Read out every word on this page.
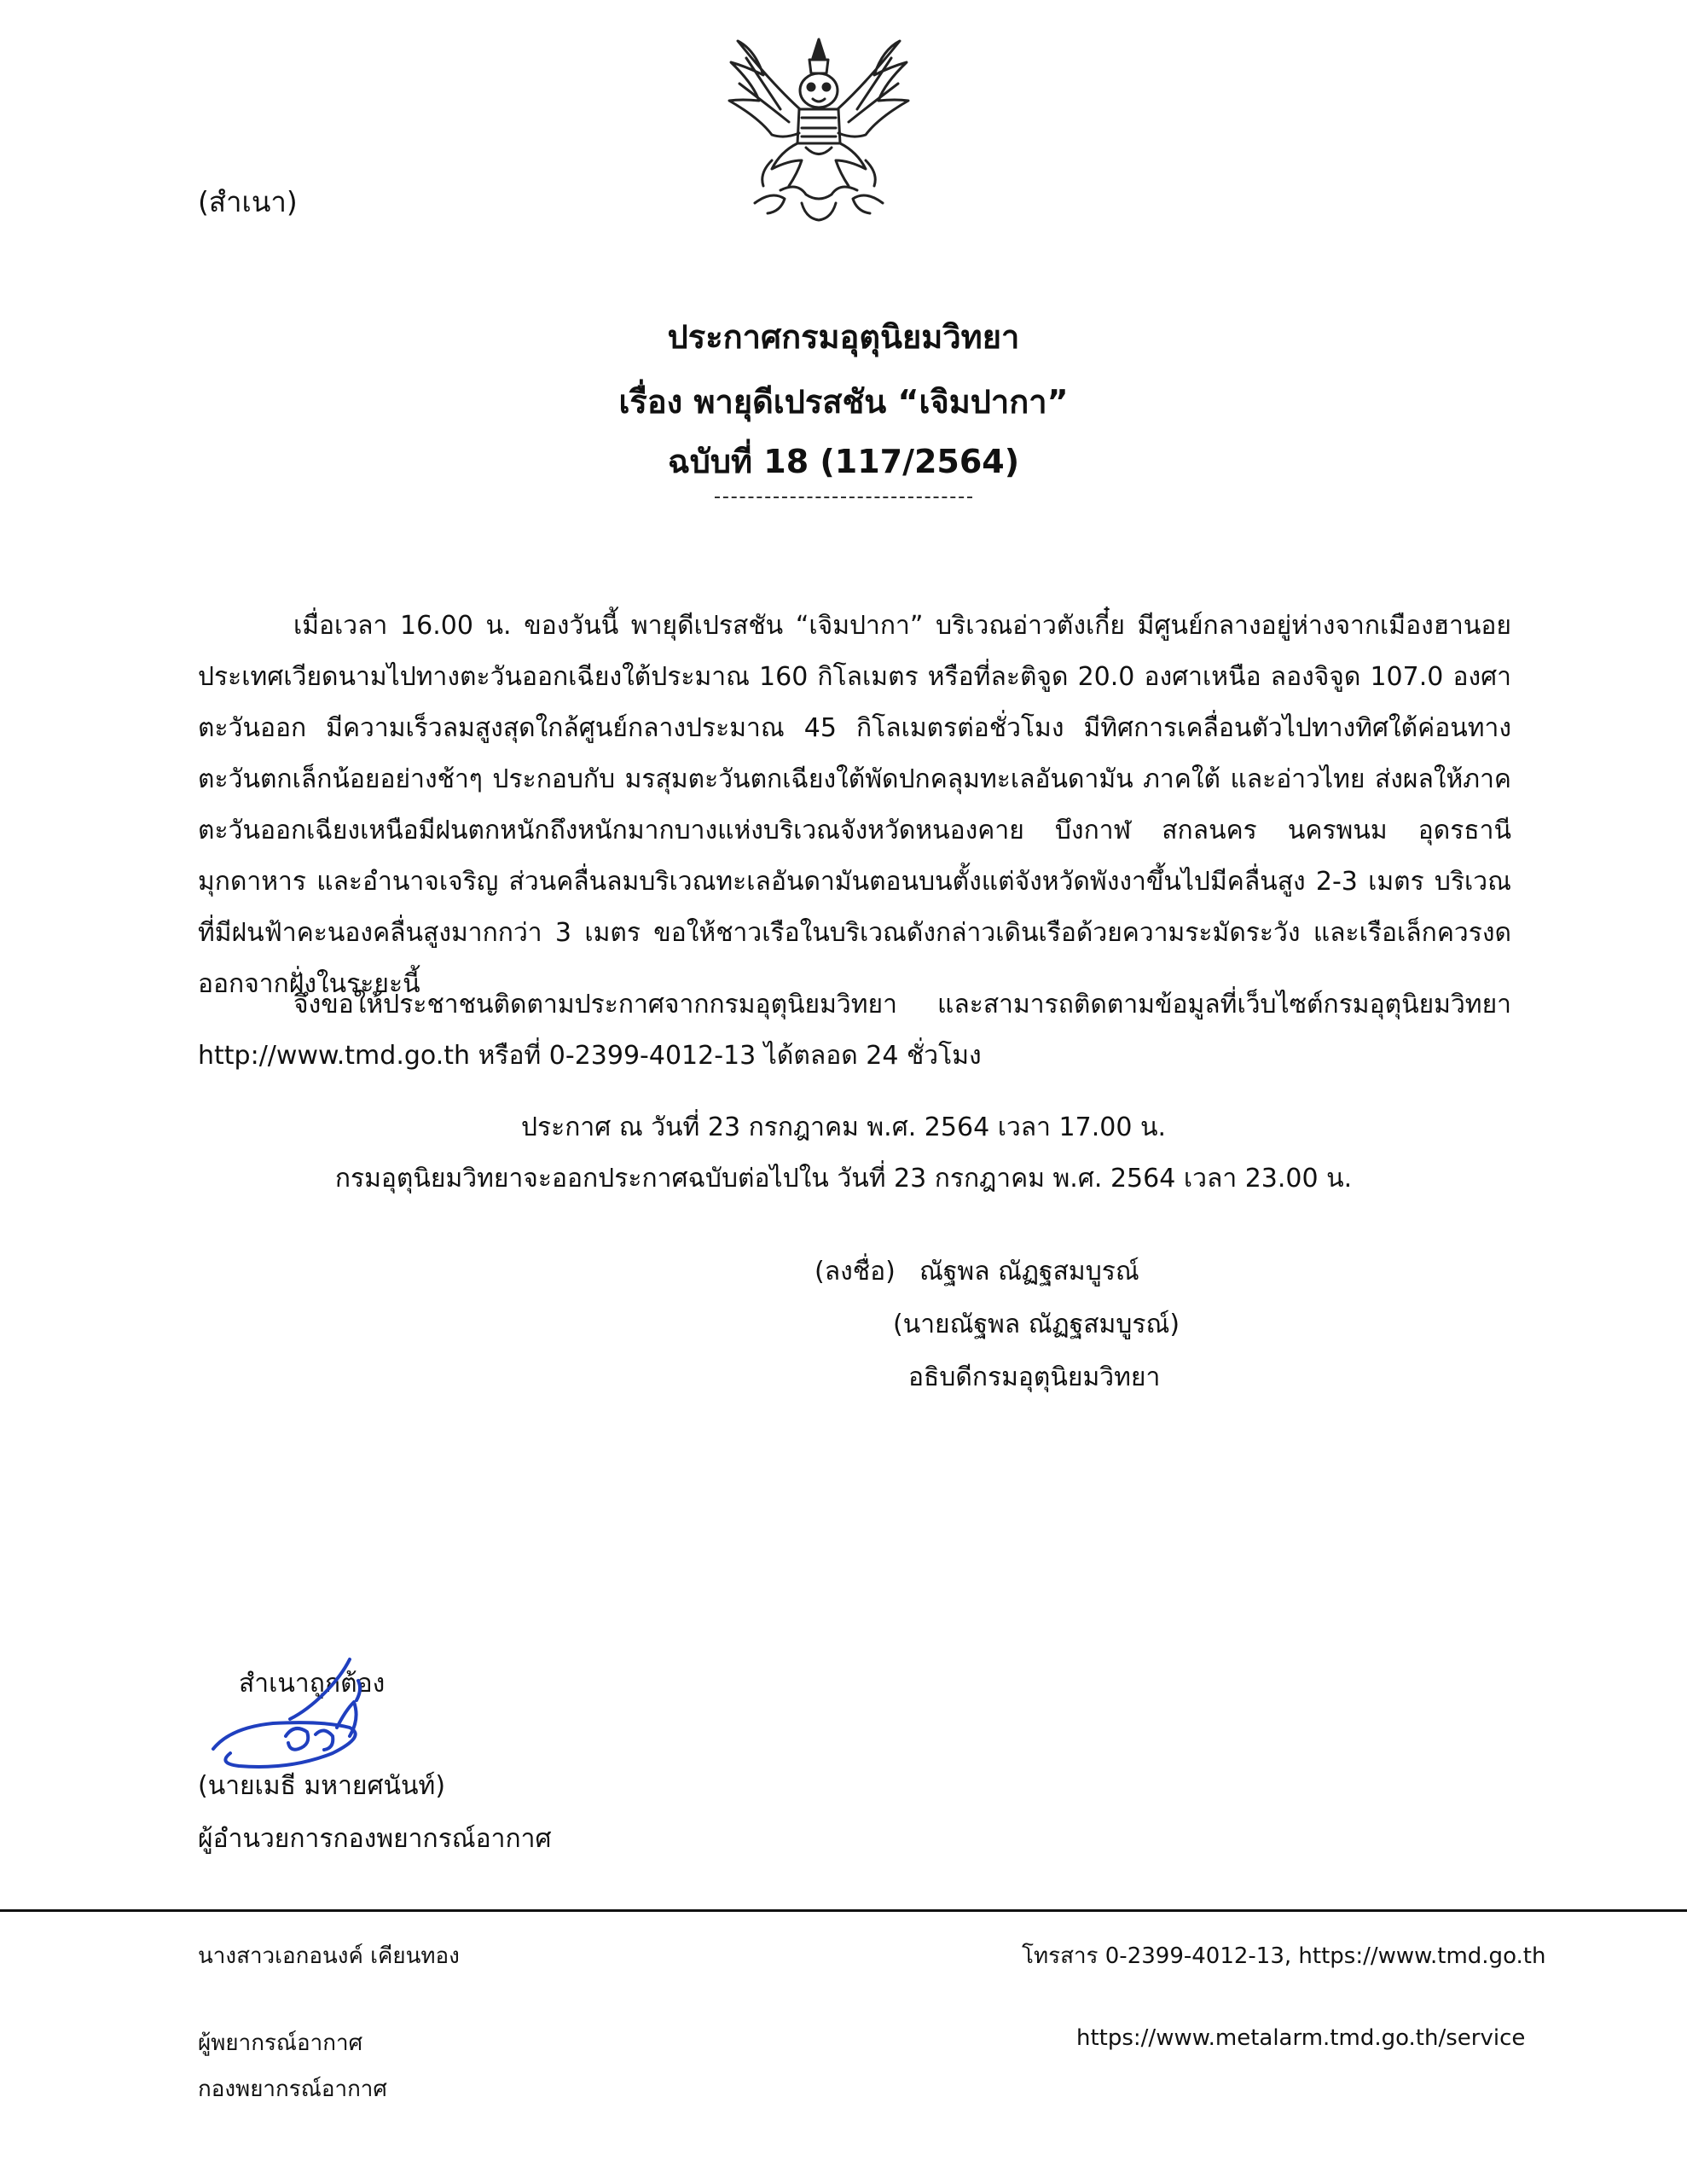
(สำเนา)
ประกาศกรมอุตุนิยมวิทยา
เรื่อง พายุดีเปรสชัน “เจิมปากา”
ฉบับที่ 18 (117/2564)
เมื่อเวลา 16.00 น. ของวันนี้ พายุดีเปรสชัน “เจิมปากา” บริเวณอ่าวตังเกี๋ย มีศูนย์กลางอยู่ห่างจากเมืองฮานอย ประเทศเวียดนามไปทางตะวันออกเฉียงใต้ประมาณ 160 กิโลเมตร หรือที่ละติจูด 20.0 องศาเหนือ ลองจิจูด 107.0 องศาตะวันออก มีความเร็วลมสูงสุดใกล้ศูนย์กลางประมาณ 45 กิโลเมตรต่อชั่วโมง มีทิศการเคลื่อนตัวไปทางทิศใต้ค่อนทางตะวันตกเล็กน้อยอย่างช้าๆ ประกอบกับ มรสุมตะวันตกเฉียงใต้พัดปกคลุมทะเลอันดามัน ภาคใต้ และอ่าวไทย ส่งผลให้ภาคตะวันออกเฉียงเหนือมีฝนตกหนักถึงหนักมากบางแห่งบริเวณจังหวัดหนองคาย บึงกาฬ สกลนคร นครพนม อุดรธานี มุกดาหาร และอำนาจเจริญ ส่วนคลื่นลมบริเวณทะเลอันดามันตอนบนตั้งแต่จังหวัดพังงาขึ้นไปมีคลื่นสูง 2-3 เมตร บริเวณที่มีฝนฟ้าคะนองคลื่นสูงมากกว่า 3 เมตร ขอให้ชาวเรือในบริเวณดังกล่าวเดินเรือด้วยความระมัดระวัง และเรือเล็กควรงดออกจากฝั่งในระยะนี้
จึงขอให้ประชาชนติดตามประกาศจากกรมอุตุนิยมวิทยา และสามารถติดตามข้อมูลที่เว็บไซต์กรมอุตุนิยมวิทยา http://www.tmd.go.th หรือที่ 0-2399-4012-13 ได้ตลอด 24 ชั่วโมง
ประกาศ ณ วันที่ 23 กรกฎาคม พ.ศ. 2564 เวลา 17.00 น.
กรมอุตุนิยมวิทยาจะออกประกาศฉบับต่อไปใน วันที่ 23 กรกฎาคม พ.ศ. 2564 เวลา 23.00 น.
(ลงชื่อ) ณัฐพล ณัฏฐสมบูรณ์
(นายณัฐพล ณัฏฐสมบูรณ์)
อธิบดีกรมอุตุนิยมวิทยา
สำเนาถูกต้อง
(นายเมธี มหายศนันท์)
ผู้อำนวยการกองพยากรณ์อากาศ
นางสาวเอกอนงค์ เคียนทอง	โทรสาร 0-2399-4012-13, https://www.tmd.go.th
ผู้พยากรณ์อากาศ	https://www.metalarm.tmd.go.th/service
กองพยากรณ์อากาศ
